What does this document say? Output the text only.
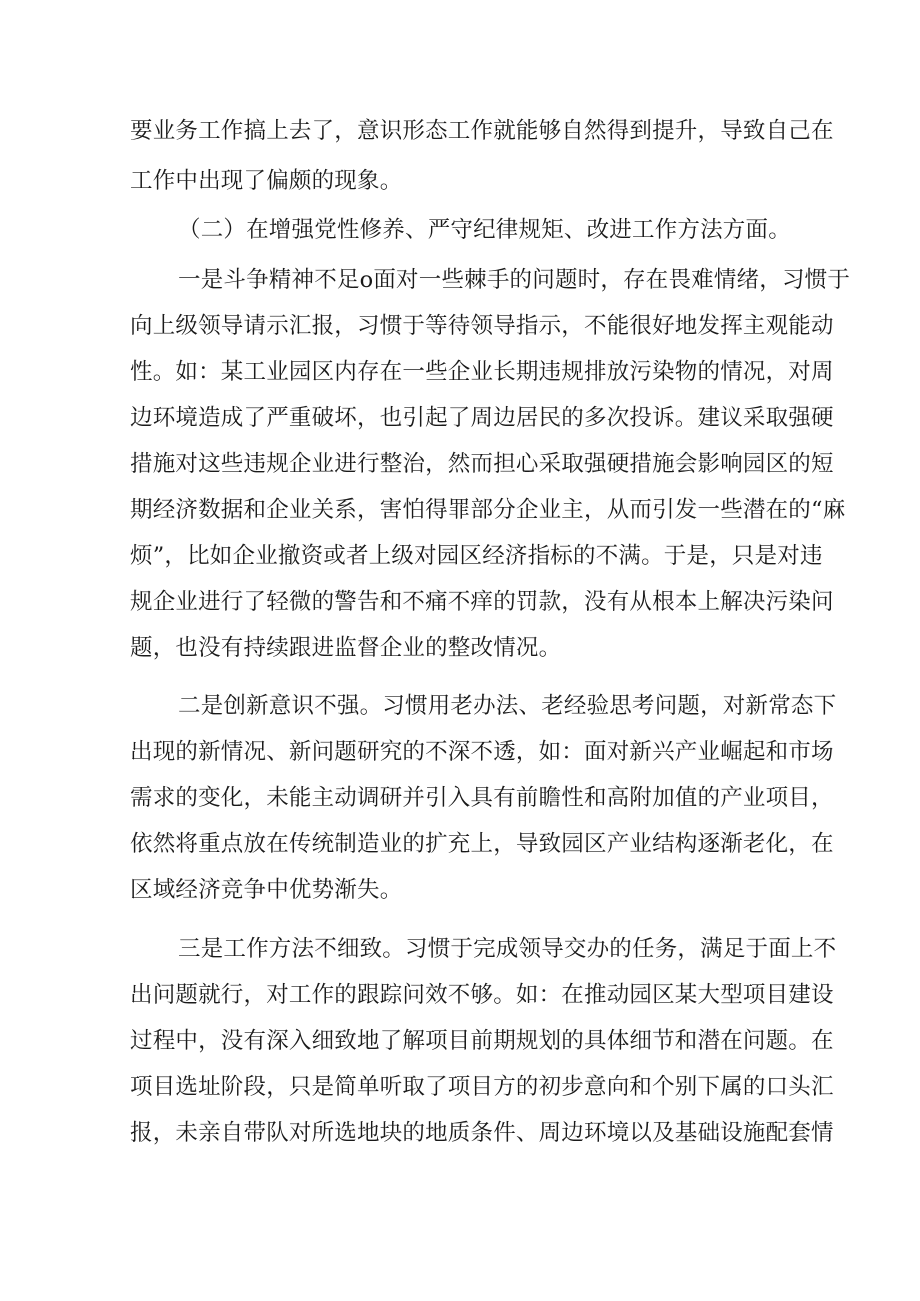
要业务工作搞上去了，意识形态工作就能够自然得到提升，导致自己在
工作中出现了偏颇的现象。
（二）在增强党性修养、严守纪律规矩、改进工作方法方面。
一是斗争精神不足o面对一些棘手的问题时，存在畏难情绪，习惯于
向上级领导请示汇报，习惯于等待领导指示，不能很好地发挥主观能动
性。如：某工业园区内存在一些企业长期违规排放污染物的情况，对周
边环境造成了严重破坏，也引起了周边居民的多次投诉。建议采取强硬
措施对这些违规企业进行整治，然而担心采取强硬措施会影响园区的短
期经济数据和企业关系，害怕得罪部分企业主，从而引发一些潜在的“麻
烦”，比如企业撤资或者上级对园区经济指标的不满。于是，只是对违
规企业进行了轻微的警告和不痛不痒的罚款，没有从根本上解决污染问
题，也没有持续跟进监督企业的整改情况。
二是创新意识不强。习惯用老办法、老经验思考问题，对新常态下
出现的新情况、新问题研究的不深不透，如：面对新兴产业崛起和市场
需求的变化，未能主动调研并引入具有前瞻性和高附加值的产业项目，
依然将重点放在传统制造业的扩充上，导致园区产业结构逐渐老化，在
区域经济竞争中优势渐失。
三是工作方法不细致。习惯于完成领导交办的任务，满足于面上不
出问题就行，对工作的跟踪问效不够。如：在推动园区某大型项目建设
过程中，没有深入细致地了解项目前期规划的具体细节和潜在问题。在
项目选址阶段，只是简单听取了项目方的初步意向和个别下属的口头汇
报，未亲自带队对所选地块的地质条件、周边环境以及基础设施配套情
